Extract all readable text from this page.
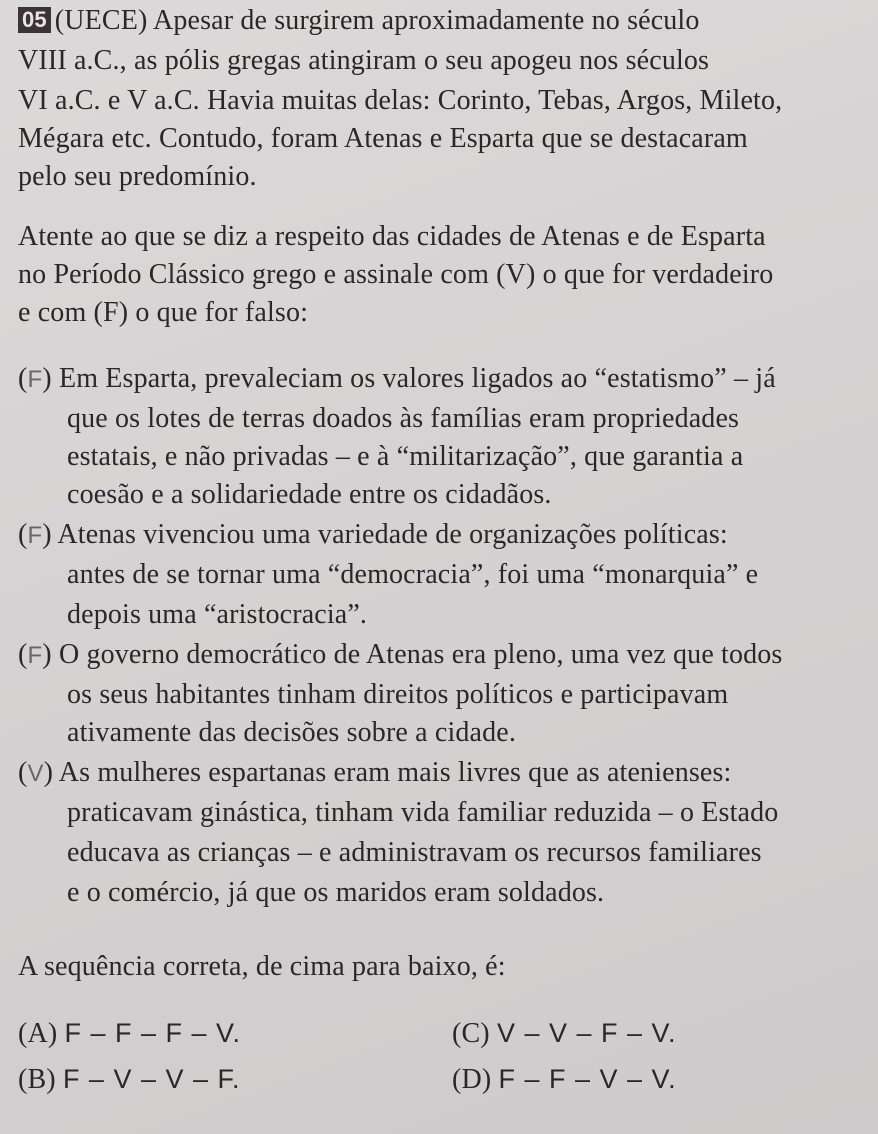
05 (UECE) Apesar de surgirem aproximadamente no século
VIII a.C., as pólis gregas atingiram o seu apogeu nos séculos
VI a.C. e V a.C. Havia muitas delas: Corinto, Tebas, Argos, Mileto,
Mégara etc. Contudo, foram Atenas e Esparta que se destacaram
pelo seu predomínio.
Atente ao que se diz a respeito das cidades de Atenas e de Esparta
no Período Clássico grego e assinale com (V) o que for verdadeiro
e com (F) o que for falso:
(F) Em Esparta, prevaleciam os valores ligados ao “estatismo” – já
que os lotes de terras doados às famílias eram propriedades
estatais, e não privadas – e à “militarização”, que garantia a
coesão e a solidariedade entre os cidadãos.
(F) Atenas vivenciou uma variedade de organizações políticas:
antes de se tornar uma “democracia”, foi uma “monarquia” e
depois uma “aristocracia”.
(F) O governo democrático de Atenas era pleno, uma vez que todos
os seus habitantes tinham direitos políticos e participavam
ativamente das decisões sobre a cidade.
(V) As mulheres espartanas eram mais livres que as atenienses:
praticavam ginástica, tinham vida familiar reduzida – o Estado
educava as crianças – e administravam os recursos familiares
e o comércio, já que os maridos eram soldados.
A sequência correta, de cima para baixo, é:
(A) F – F – F – V.	(C) V – V – F – V.
(B) F – V – V – F.	(D) F – F – V – V.
